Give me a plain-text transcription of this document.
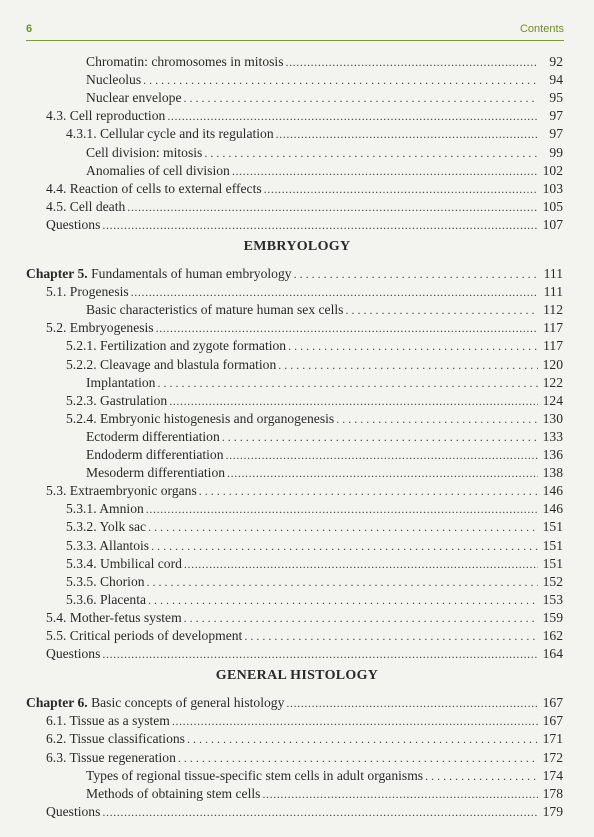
6	Contents
Chromatin: chromosomes in mitosis .....	92
Nucleolus . . .	94
Nuclear envelope . . .	95
4.3. Cell reproduction .....	97
4.3.1. Cellular cycle and its regulation .....	97
Cell division: mitosis . . .	99
Anomalies of cell division .....	102
4.4. Reaction of cells to external effects .....	103
4.5. Cell death .....	105
Questions .....	107
EMBRYOLOGY
Chapter 5. Fundamentals of human embryology . . .	111
5.1. Progenesis .....	111
Basic characteristics of mature human sex cells . . .	112
5.2. Embryogenesis .....	117
5.2.1. Fertilization and zygote formation . . .	117
5.2.2. Cleavage and blastula formation . . .	120
Implantation . . .	122
5.2.3. Gastrulation .....	124
5.2.4. Embryonic histogenesis and organogenesis . . .	130
Ectoderm differentiation . . .	133
Endoderm differentiation .....	136
Mesoderm differentiation .....	138
5.3. Extraembryonic organs . . .	146
5.3.1. Amnion .....	146
5.3.2. Yolk sac . . .	151
5.3.3. Allantois . . .	151
5.3.4. Umbilical cord .....	151
5.3.5. Chorion . . .	152
5.3.6. Placenta . . .	153
5.4. Mother-fetus system . . .	159
5.5. Critical periods of development . . .	162
Questions .....	164
GENERAL HISTOLOGY
Chapter 6. Basic concepts of general histology .....	167
6.1. Tissue as a system .....	167
6.2. Tissue classifications . . .	171
6.3. Tissue regeneration . . .	172
Types of regional tissue-specific stem cells in adult organisms . . .	174
Methods of obtaining stem cells .....	178
Questions .....	179
